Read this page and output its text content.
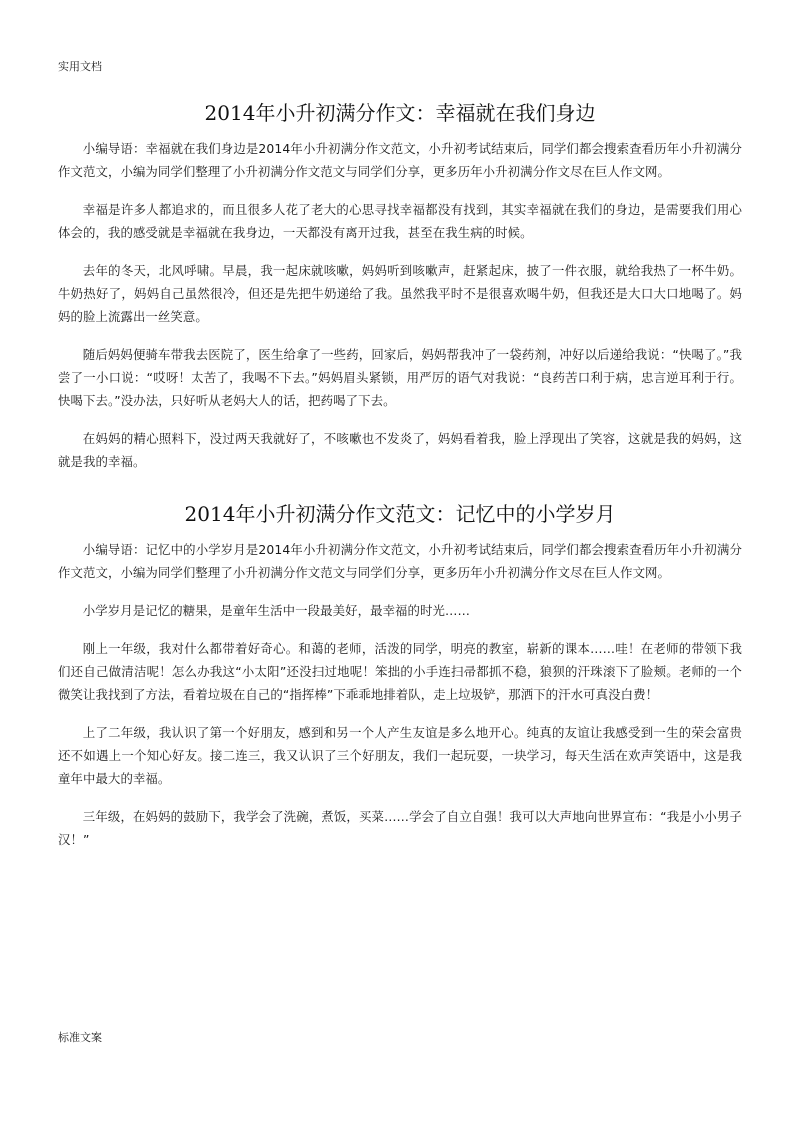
实用文档
2014年小升初满分作文：幸福就在我们身边

小编导语：幸福就在我们身边是2014年小升初满分作文范文，小升初考试结束后，同学们都会搜索查看历年小升初满分作文范文，小编为同学们整理了小升初满分作文范文与同学们分享，更多历年小升初满分作文尽在巨人作文网。

幸福是许多人都追求的，而且很多人花了老大的心思寻找幸福都没有找到，其实幸福就在我们的身边，是需要我们用心体会的，我的感受就是幸福就在我身边，一天都没有离开过我，甚至在我生病的时候。

去年的冬天，北风呼啸。早晨，我一起床就咳嗽，妈妈听到咳嗽声，赶紧起床，披了一件衣服，就给我热了一杯牛奶。牛奶热好了，妈妈自己虽然很冷，但还是先把牛奶递给了我。虽然我平时不是很喜欢喝牛奶，但我还是大口大口地喝了。妈妈的脸上流露出一丝笑意。

随后妈妈便骑车带我去医院了，医生给拿了一些药，回家后，妈妈帮我冲了一袋药剂，冲好以后递给我说：“快喝了。”我尝了一小口说：“哎呀！太苦了，我喝不下去。”妈妈眉头紧锁，用严厉的语气对我说：“良药苦口利于病，忠言逆耳利于行。快喝下去。”没办法，只好听从老妈大人的话，把药喝了下去。

在妈妈的精心照料下，没过两天我就好了，不咳嗽也不发炎了，妈妈看着我，脸上浮现出了笑容，这就是我的妈妈，这就是我的幸福。

2014年小升初满分作文范文：记忆中的小学岁月

小编导语：记忆中的小学岁月是2014年小升初满分作文范文，小升初考试结束后，同学们都会搜索查看历年小升初满分作文范文，小编为同学们整理了小升初满分作文范文与同学们分享，更多历年小升初满分作文尽在巨人作文网。

小学岁月是记忆的糖果，是童年生活中一段最美好，最幸福的时光……

刚上一年级，我对什么都带着好奇心。和蔼的老师，活泼的同学，明亮的教室，崭新的课本……哇！在老师的带领下我们还自己做清洁呢！怎么办我这“小太阳”还没扫过地呢！笨拙的小手连扫帚都抓不稳，狼狈的汗珠滚下了脸颊。老师的一个微笑让我找到了方法，看着垃圾在自己的“指挥棒”下乖乖地排着队，走上垃圾铲，那洒下的汗水可真没白费！

上了二年级，我认识了第一个好朋友，感到和另一个人产生友谊是多么地开心。纯真的友谊让我感受到一生的荣会富贵还不如遇上一个知心好友。接二连三，我又认识了三个好朋友，我们一起玩耍，一块学习，每天生活在欢声笑语中，这是我童年中最大的幸福。

三年级，在妈妈的鼓励下，我学会了洗碗，煮饭，买菜……学会了自立自强！我可以大声地向世界宣布：“我是小小男子汉！”

标准文案
